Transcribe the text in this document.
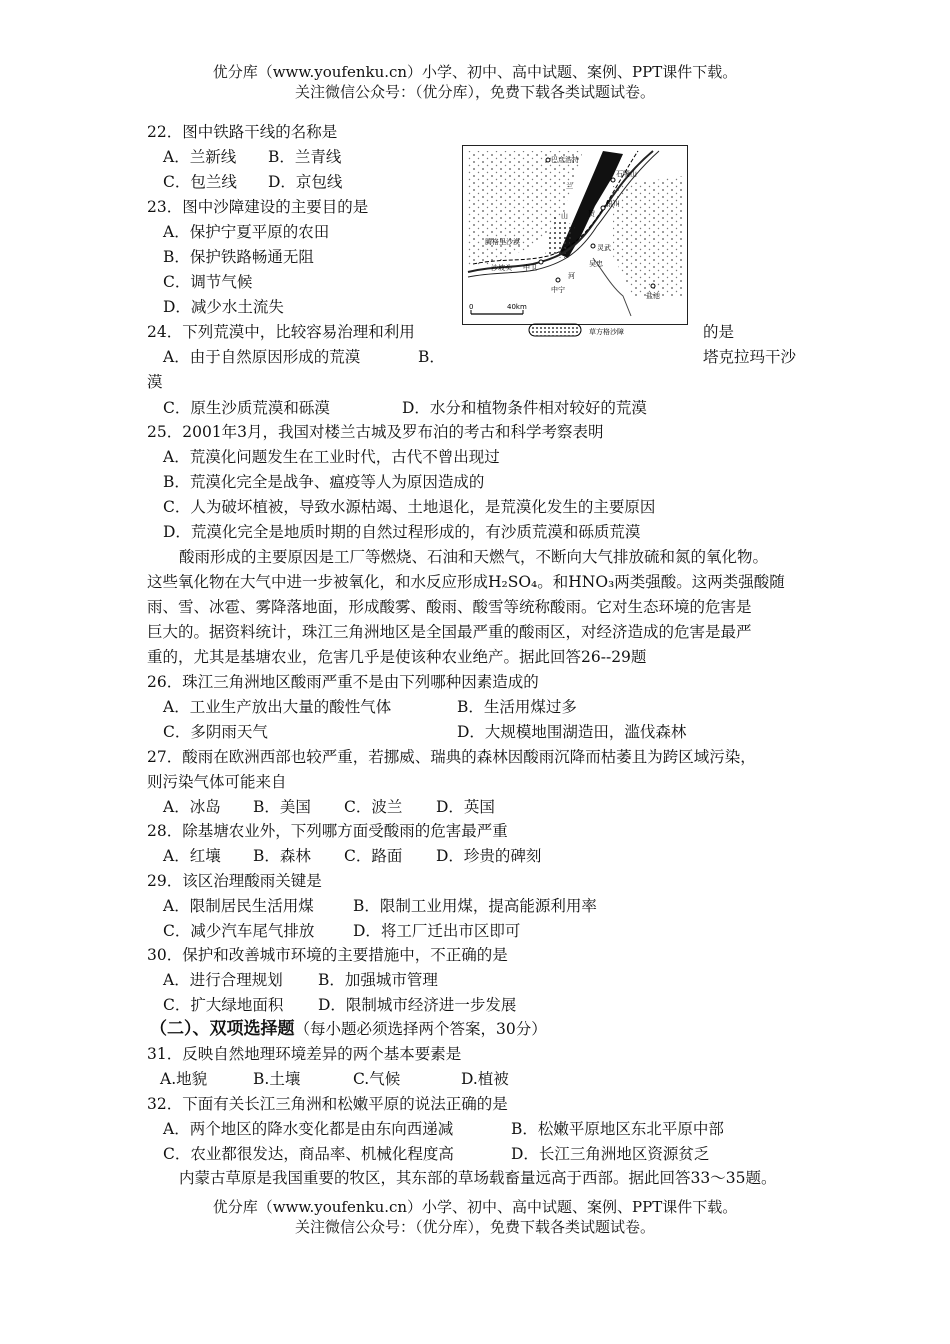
优分库（www.youfenku.cn）小学、初中、高中试题、案例、PPT课件下载。
关注微信公众号：（优分库），免费下载各类试题试卷。
22．图中铁路干线的名称是
A．兰新线 B．兰青线
C．包兰线 D．京包线
23．图中沙障建设的主要目的是
A．保护宁夏平原的农田
B．保护铁路畅通无阻
C．调节气候
D．减少水土流失
巴彦浩特
石嘴山
兰
贺
银川
山
腾格里沙漠
灵武
沙坡头 中卫	吴忠
河
中宁
盐池
0	40km
草方格沙障
24．下列荒漠中，比较容易治理和利用	的是
A．由于自然原因形成的荒漠	B．	塔克拉玛干沙
漠
C．原生沙质荒漠和砾漠	D．水分和植物条件相对较好的荒漠
25．2001年3月，我国对楼兰古城及罗布泊的考古和科学考察表明
A．荒漠化问题发生在工业时代，古代不曾出现过
B．荒漠化完全是战争、瘟疫等人为原因造成的
C．人为破坏植被，导致水源枯竭、土地退化，是荒漠化发生的主要原因
D．荒漠化完全是地质时期的自然过程形成的，有沙质荒漠和砾质荒漠
酸雨形成的主要原因是工厂等燃烧、石油和天燃气，不断向大气排放硫和氮的氧化物。
这些氧化物在大气中进一步被氧化，和水反应形成H₂SO₄。和HNO₃两类强酸。这两类强酸随
雨、雪、冰雹、雾降落地面，形成酸雾、酸雨、酸雪等统称酸雨。它对生态环境的危害是
巨大的。据资料统计，珠江三角洲地区是全国最严重的酸雨区，对经济造成的危害是最严
重的，尤其是基塘农业，危害几乎是使该种农业绝产。据此回答26--29题
26．珠江三角洲地区酸雨严重不是由下列哪种因素造成的
A．工业生产放出大量的酸性气体	B．生活用煤过多
C．多阴雨天气	D．大规模地围湖造田，滥伐森林
27．酸雨在欧洲西部也较严重，若挪威、瑞典的森林因酸雨沉降而枯萎且为跨区域污染，
则污染气体可能来自
A．冰岛 B．美国 C．波兰 D．英国
28．除基塘农业外，下列哪方面受酸雨的危害最严重
A．红壤 B．森林 C．路面 D．珍贵的碑刻
29．该区治理酸雨关键是
A．限制居民生活用煤	B．限制工业用煤，提高能源利用率
C．减少汽车尾气排放 D．将工厂迁出市区即可
30．保护和改善城市环境的主要措施中，不正确的是
A．进行合理规划 B．加强城市管理
C．扩大绿地面积 D．限制城市经济进一步发展
（二）、双项选择题（每小题必须选择两个答案，30分）
31．反映自然地理环境差异的两个基本要素是
A.地貌	B.土壤	C.气候	D.植被
32．下面有关长江三角洲和松嫩平原的说法正确的是
A．两个地区的降水变化都是由东向西递减	B．松嫩平原地区东北平原中部
C．农业都很发达，商品率、机械化程度高	D．长江三角洲地区资源贫乏
内蒙古草原是我国重要的牧区，其东部的草场载畜量远高于西部。据此回答33～35题。
优分库（www.youfenku.cn）小学、初中、高中试题、案例、PPT课件下载。
关注微信公众号：（优分库），免费下载各类试题试卷。
